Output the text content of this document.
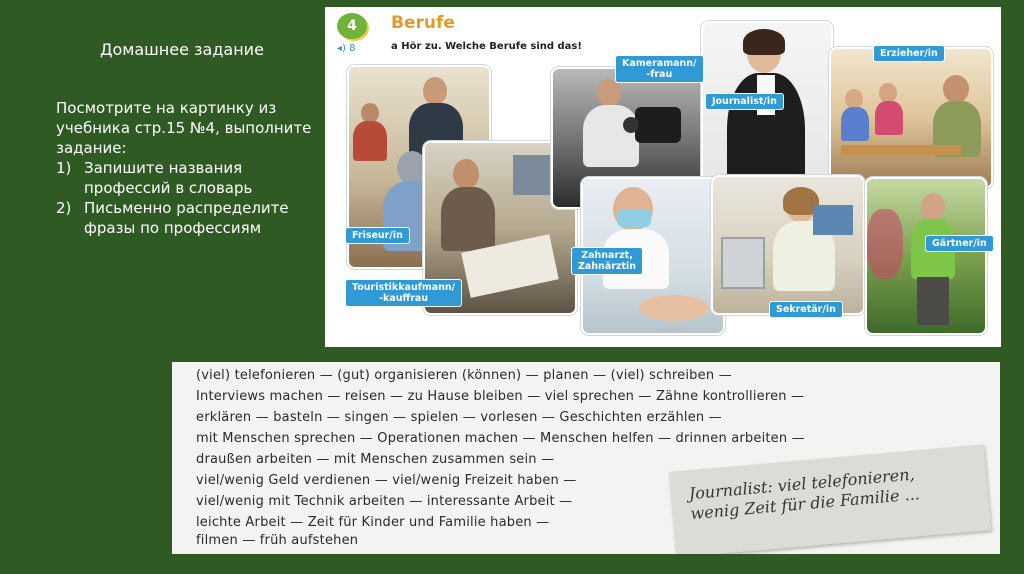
Домашнее задание
Посмотрите на картинку из учебника стр.15 №4, выполните задание:
1) Запишите названия профессий в словарь
2) Письменно распределите фразы по профессиям
4
◂) 8
Berufe
a Hör zu. Welche Berufe sind das!
Kameramann/
-frau
Journalist/in
Erzieher/in
Friseur/in
Touristikkaufmann/
-kauffrau
Zahnarzt,
Zahnärztin
Sekretär/in
Gärtner/in
(viel) telefonieren — (gut) organisieren (können) — planen — (viel) schreiben —
Interviews machen — reisen — zu Hause bleiben — viel sprechen — Zähne kontrollieren —
erklären — basteln — singen — spielen — vorlesen — Geschichten erzählen —
mit Menschen sprechen — Operationen machen — Menschen helfen — drinnen arbeiten —
draußen arbeiten — mit Menschen zusammen sein —
viel/wenig Geld verdienen — viel/wenig Freizeit haben —
viel/wenig mit Technik arbeiten — interessante Arbeit —
leichte Arbeit — Zeit für Kinder und Familie haben —
filmen — früh aufstehen
Journalist: viel telefonieren,
wenig Zeit für die Familie ...
